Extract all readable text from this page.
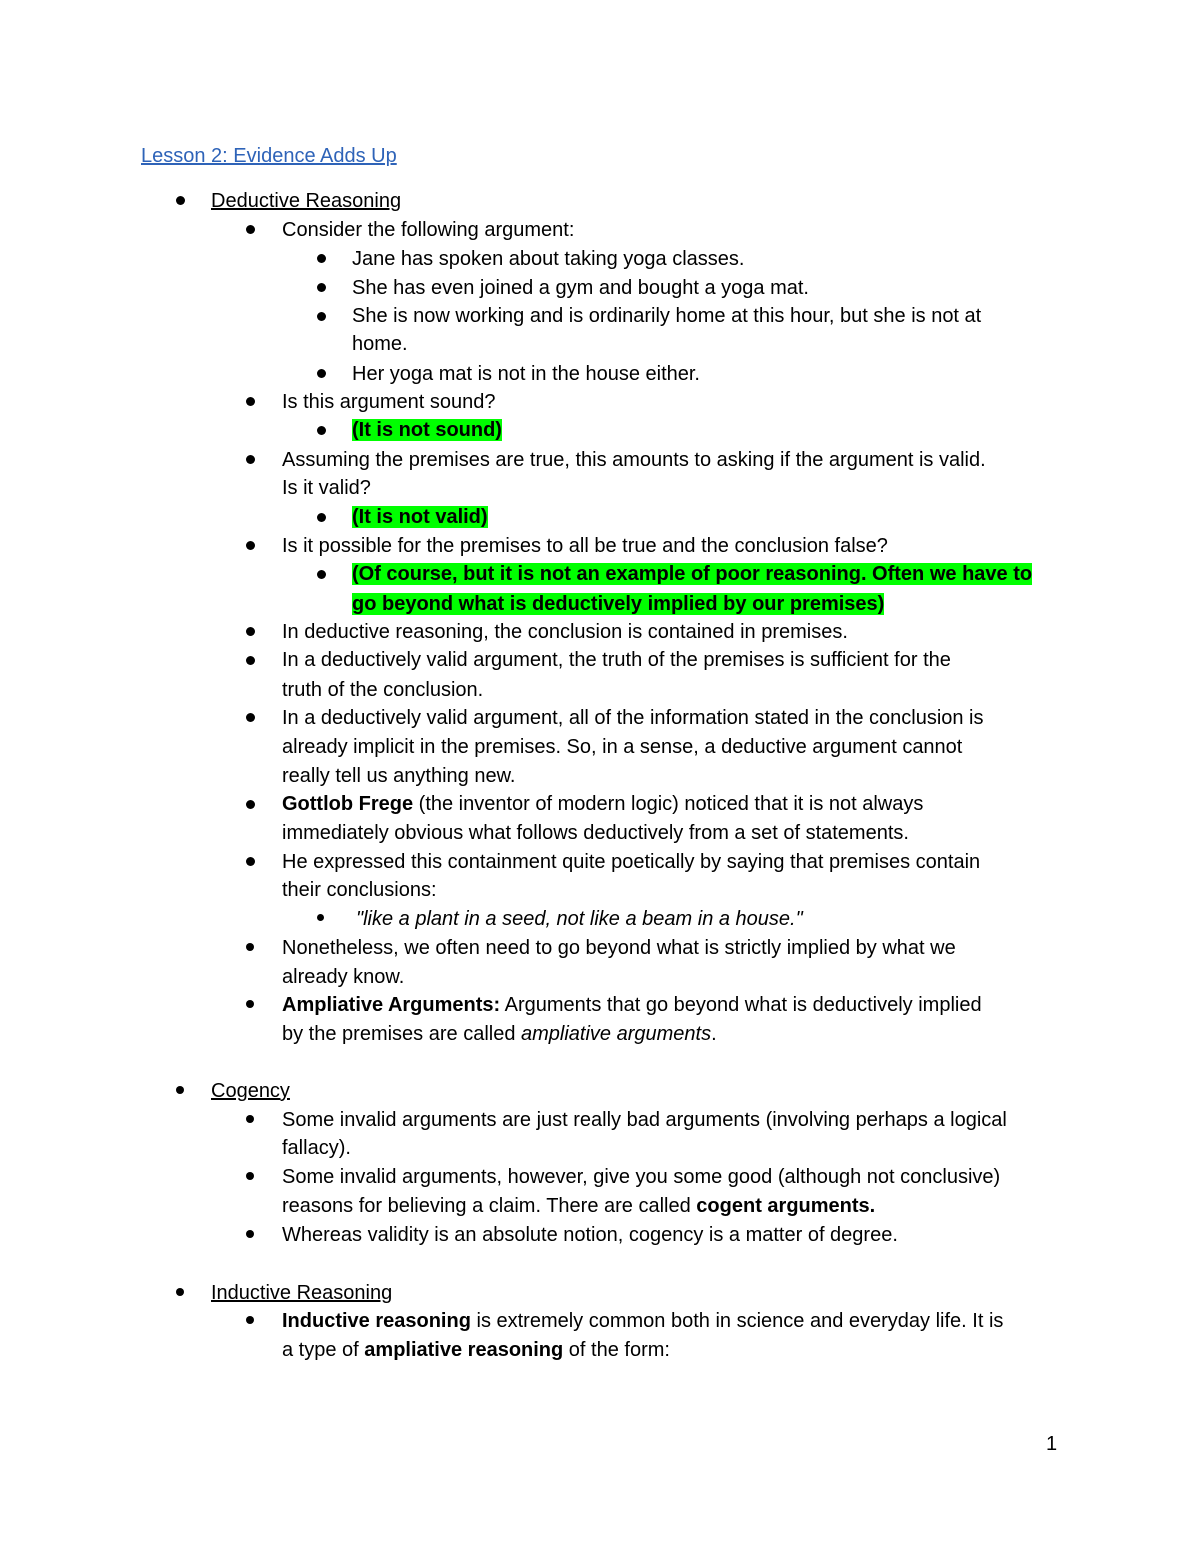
Lesson 2: Evidence Adds Up
Deductive Reasoning
Consider the following argument:
Jane has spoken about taking yoga classes.
She has even joined a gym and bought a yoga mat.
She is now working and is ordinarily home at this hour, but she is not at
home.
Her yoga mat is not in the house either.
Is this argument sound?
(It is not sound)
Assuming the premises are true, this amounts to asking if the argument is valid.
Is it valid?
(It is not valid)
Is it possible for the premises to all be true and the conclusion false?
(Of course, but it is not an example of poor reasoning. Often we have to
go beyond what is deductively implied by our premises)
In deductive reasoning, the conclusion is contained in premises.
In a deductively valid argument, the truth of the premises is sufficient for the
truth of the conclusion.
In a deductively valid argument, all of the information stated in the conclusion is
already implicit in the premises. So, in a sense, a deductive argument cannot
really tell us anything new.
Gottlob Frege (the inventor of modern logic) noticed that it is not always
immediately obvious what follows deductively from a set of statements.
He expressed this containment quite poetically by saying that premises contain
their conclusions:
"like a plant in a seed, not like a beam in a house."
Nonetheless, we often need to go beyond what is strictly implied by what we
already know.
Ampliative Arguments: Arguments that go beyond what is deductively implied
by the premises are called ampliative arguments.
Cogency
Some invalid arguments are just really bad arguments (involving perhaps a logical
fallacy).
Some invalid arguments, however, give you some good (although not conclusive)
reasons for believing a claim. There are called cogent arguments.
Whereas validity is an absolute notion, cogency is a matter of degree.
Inductive Reasoning
Inductive reasoning is extremely common both in science and everyday life. It is
a type of ampliative reasoning of the form:
1
